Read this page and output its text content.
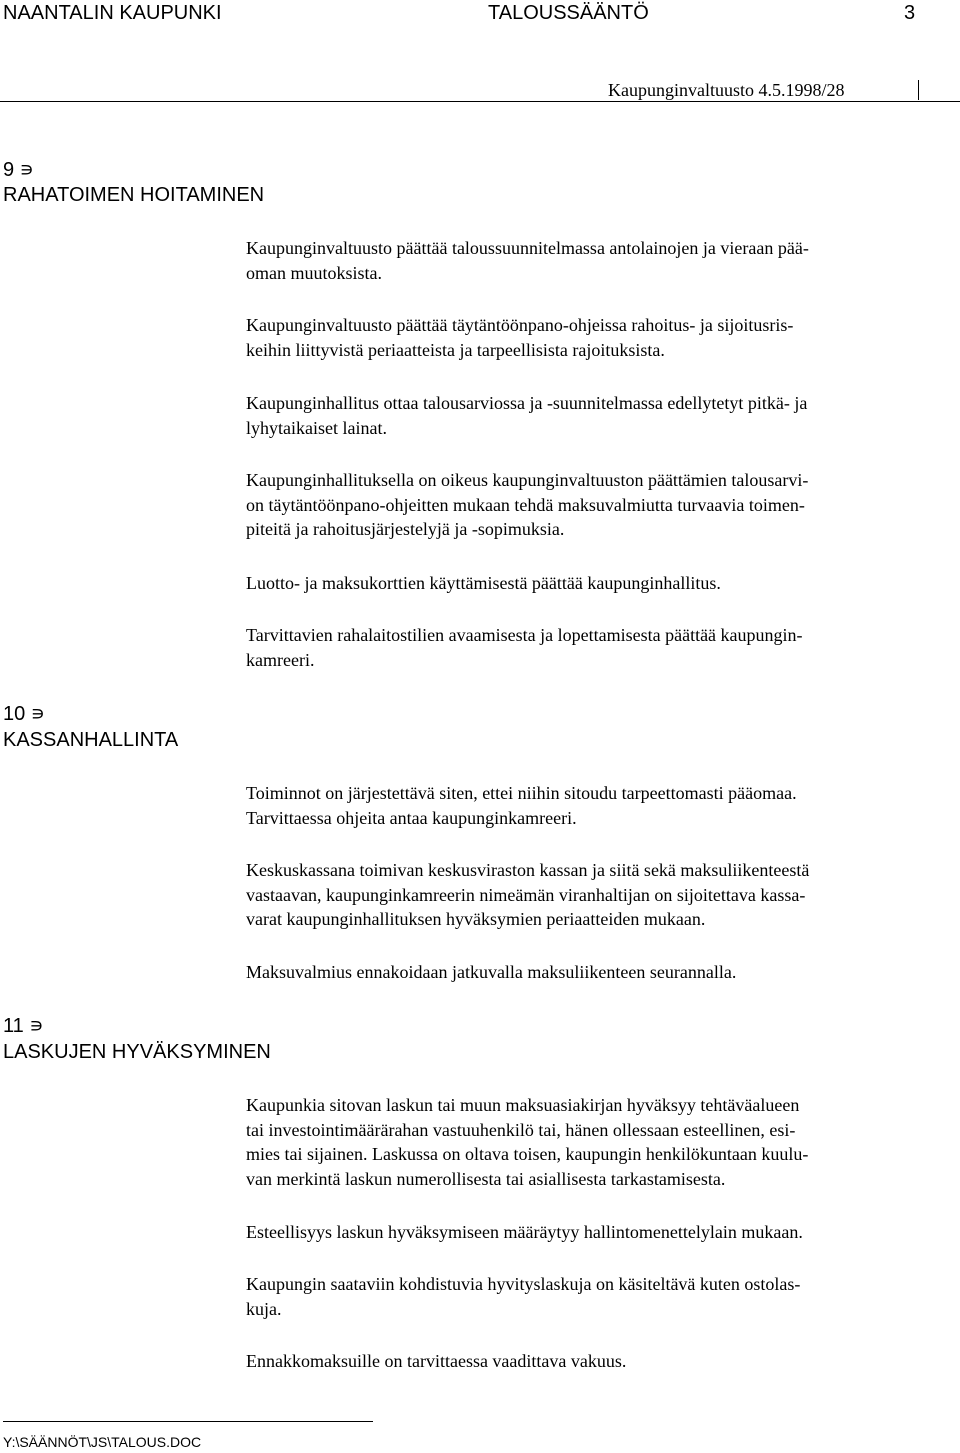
NAANTALIN KAUPUNKI	TALOUSSÄÄNTÖ	3
Kaupunginvaltuusto 4.5.1998/28
9 ∍
RAHATOIMEN HOITAMINEN
Kaupunginvaltuusto päättää taloussuunnitelmassa antolainojen ja vieraan pää-
oman muutoksista.
Kaupunginvaltuusto päättää täytäntöönpano-ohjeissa rahoitus- ja sijoitusris-
keihin liittyvistä periaatteista ja tarpeellisista rajoituksista.
Kaupunginhallitus ottaa talousarviossa ja -suunnitelmassa edellytetyt pitkä- ja
lyhytaikaiset lainat.
Kaupunginhallituksella on oikeus kaupunginvaltuuston päättämien talousarvi-
on täytäntöönpano-ohjeitten mukaan tehdä maksuvalmiutta turvaavia toimen-
piteitä ja rahoitusjärjestelyjä ja -sopimuksia.
Luotto- ja maksukorttien käyttämisestä päättää kaupunginhallitus.
Tarvittavien rahalaitostilien avaamisesta ja lopettamisesta päättää kaupungin-
kamreeri.
10 ∍
KASSANHALLINTA
Toiminnot on järjestettävä siten, ettei niihin sitoudu tarpeettomasti pääomaa.
Tarvittaessa ohjeita antaa kaupunginkamreeri.
Keskuskassana toimivan keskusviraston kassan ja siitä sekä maksuliikenteestä
vastaavan, kaupunginkamreerin nimeämän viranhaltijan on sijoitettava kassa-
varat kaupunginhallituksen hyväksymien periaatteiden mukaan.
Maksuvalmius ennakoidaan jatkuvalla maksuliikenteen seurannalla.
11 ∍
LASKUJEN HYVÄKSYMINEN
Kaupunkia sitovan laskun tai muun maksuasiakirjan hyväksyy tehtäväalueen
tai investointimäärärahan vastuuhenkilö tai, hänen ollessaan esteellinen, esi-
mies tai sijainen. Laskussa on oltava toisen, kaupungin henkilökuntaan kuulu-
van merkintä laskun numerollisesta tai asiallisesta tarkastamisesta.
Esteellisyys laskun hyväksymiseen määräytyy hallintomenettelylain mukaan.
Kaupungin saataviin kohdistuvia hyvityslaskuja on käsiteltävä kuten ostolas-
kuja.
Ennakkomaksuille on tarvittaessa vaadittava vakuus.
Y:\SÄÄNNÖT\JS\TALOUS.DOC
